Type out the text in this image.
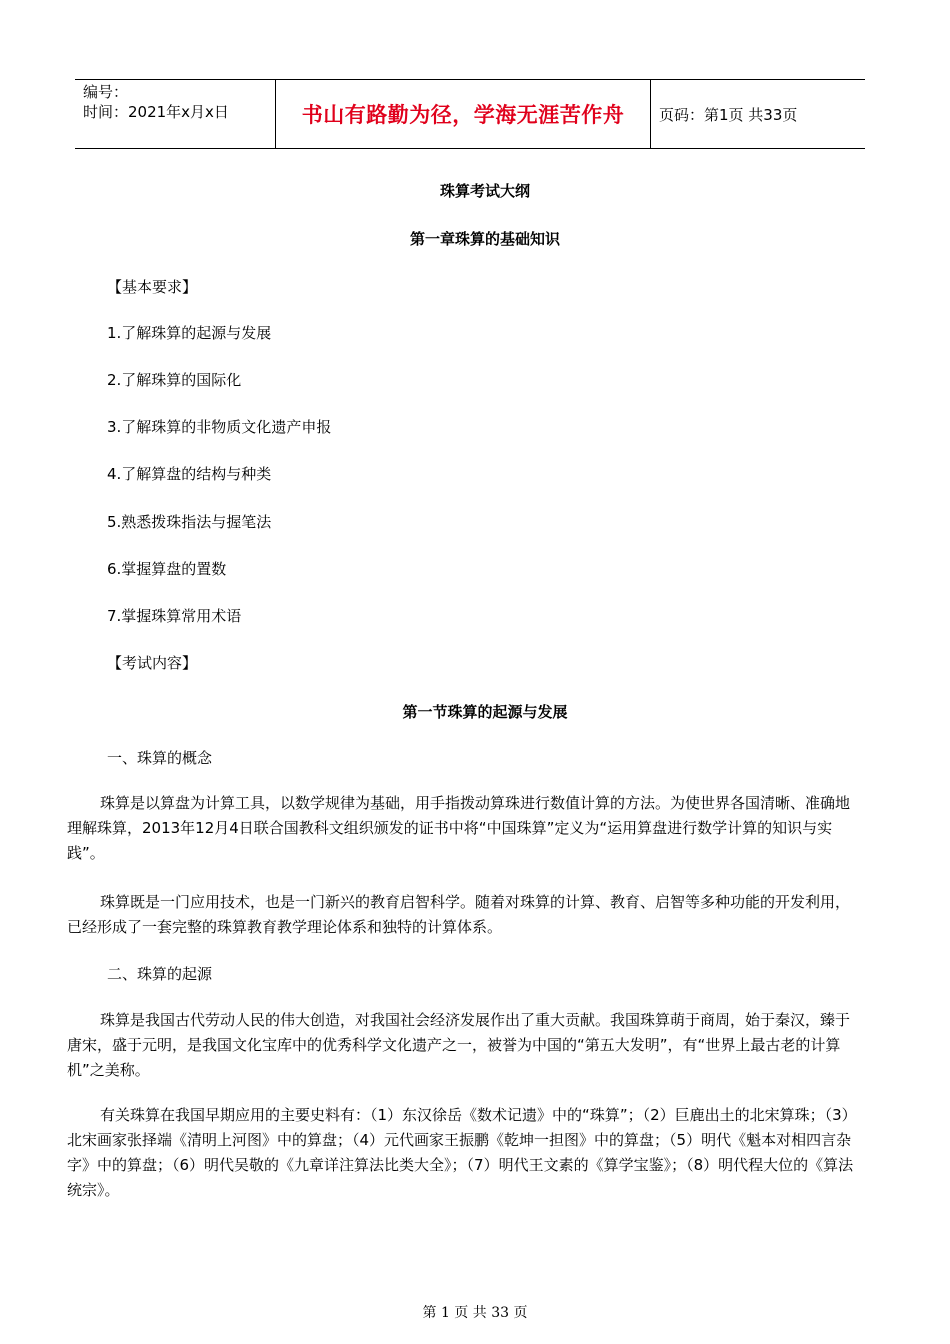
编号：
时间：2021年x月x日	书山有路勤为径，学海无涯苦作舟	页码：第1页 共33页
珠算考试大纲
第一章珠算的基础知识
【基本要求】
1.了解珠算的起源与发展
2.了解珠算的国际化
3.了解珠算的非物质文化遗产申报
4.了解算盘的结构与种类
5.熟悉拨珠指法与握笔法
6.掌握算盘的置数
7.掌握珠算常用术语
【考试内容】
第一节珠算的起源与发展
一、珠算的概念
珠算是以算盘为计算工具，以数学规律为基础，用手指拨动算珠进行数值计算的方法。为使世界各国清晰、准确地理解珠算，2013年12月4日联合国教科文组织颁发的证书中将“中国珠算”定义为“运用算盘进行数学计算的知识与实践”。
珠算既是一门应用技术，也是一门新兴的教育启智科学。随着对珠算的计算、教育、启智等多种功能的开发利用，已经形成了一套完整的珠算教育教学理论体系和独特的计算体系。
二、珠算的起源
珠算是我国古代劳动人民的伟大创造，对我国社会经济发展作出了重大贡献。我国珠算萌于商周，始于秦汉，臻于唐宋，盛于元明，是我国文化宝库中的优秀科学文化遗产之一，被誉为中国的“第五大发明”，有“世界上最古老的计算机”之美称。
有关珠算在我国早期应用的主要史料有：（1）东汉徐岳《数术记遗》中的“珠算”；（2）巨鹿出土的北宋算珠；（3）北宋画家张择端《清明上河图》中的算盘；（4）元代画家王振鹏《乾坤一担图》中的算盘；（5）明代《魁本对相四言杂字》中的算盘；（6）明代吴敬的《九章详注算法比类大全》；（7）明代王文素的《算学宝鉴》；（8）明代程大位的《算法统宗》。
第 1 页 共 33 页
